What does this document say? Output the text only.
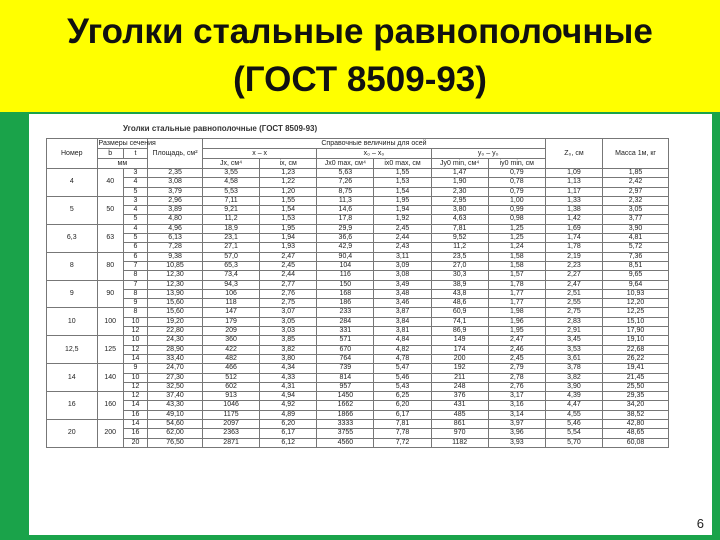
Уголки стальные равнополочные
(ГОСТ 8509-93)
Уголки стальные равнополочные (ГОСТ 8509-93)
Номер	Размеры сечения		Площадь, см²	Справочные величины для осей						Z₀, см	Масса 1м, кг
	b	t		x – x		x₀ – x₀		y₀ – y₀			
	мм			Jx, см⁴	ix, см	Jx0 max, см⁴	ix0 max, см	Jy0 min, см⁴	iy0 min, см		
4	40	3	2,35	3,55	1,23	5,63	1,55	1,47	0,79	1,09	1,85
		4	3,08	4,58	1,22	7,26	1,53	1,90	0,78	1,13	2,42
		5	3,79	5,53	1,20	8,75	1,54	2,30	0,79	1,17	2,97
5	50	3	2,96	7,11	1,55	11,3	1,95	2,95	1,00	1,33	2,32
		4	3,89	9,21	1,54	14,6	1,94	3,80	0,99	1,38	3,05
		5	4,80	11,2	1,53	17,8	1,92	4,63	0,98	1,42	3,77
6,3	63	4	4,96	18,9	1,95	29,9	2,45	7,81	1,25	1,69	3,90
		5	6,13	23,1	1,94	36,6	2,44	9,52	1,25	1,74	4,81
		6	7,28	27,1	1,93	42,9	2,43	11,2	1,24	1,78	5,72
8	80	6	9,38	57,0	2,47	90,4	3,11	23,5	1,58	2,19	7,36
		7	10,85	65,3	2,45	104	3,09	27,0	1,58	2,23	8,51
		8	12,30	73,4	2,44	116	3,08	30,3	1,57	2,27	9,65
9	90	7	12,30	94,3	2,77	150	3,49	38,9	1,78	2,47	9,64
		8	13,90	106	2,76	168	3,48	43,8	1,77	2,51	10,93
		9	15,60	118	2,75	186	3,46	48,6	1,77	2,55	12,20
10	100	8	15,60	147	3,07	233	3,87	60,9	1,98	2,75	12,25
		10	19,20	179	3,05	284	3,84	74,1	1,96	2,83	15,10
		12	22,80	209	3,03	331	3,81	86,9	1,95	2,91	17,90
12,5	125	10	24,30	360	3,85	571	4,84	149	2,47	3,45	19,10
		12	28,90	422	3,82	670	4,82	174	2,46	3,53	22,68
		14	33,40	482	3,80	764	4,78	200	2,45	3,61	26,22
14	140	9	24,70	466	4,34	739	5,47	192	2,79	3,78	19,41
		10	27,30	512	4,33	814	5,46	211	2,78	3,82	21,45
		12	32,50	602	4,31	957	5,43	248	2,76	3,90	25,50
16	160	12	37,40	913	4,94	1450	6,25	376	3,17	4,39	29,35
		14	43,30	1046	4,92	1662	6,20	431	3,16	4,47	34,20
		16	49,10	1175	4,89	1866	6,17	485	3,14	4,55	38,52
20	200	14	54,60	2097	6,20	3333	7,81	861	3,97	5,46	42,80
		16	62,00	2363	6,17	3755	7,78	970	3,96	5,54	48,65
		20	76,50	2871	6,12	4560	7,72	1182	3,93	5,70	60,08
6
